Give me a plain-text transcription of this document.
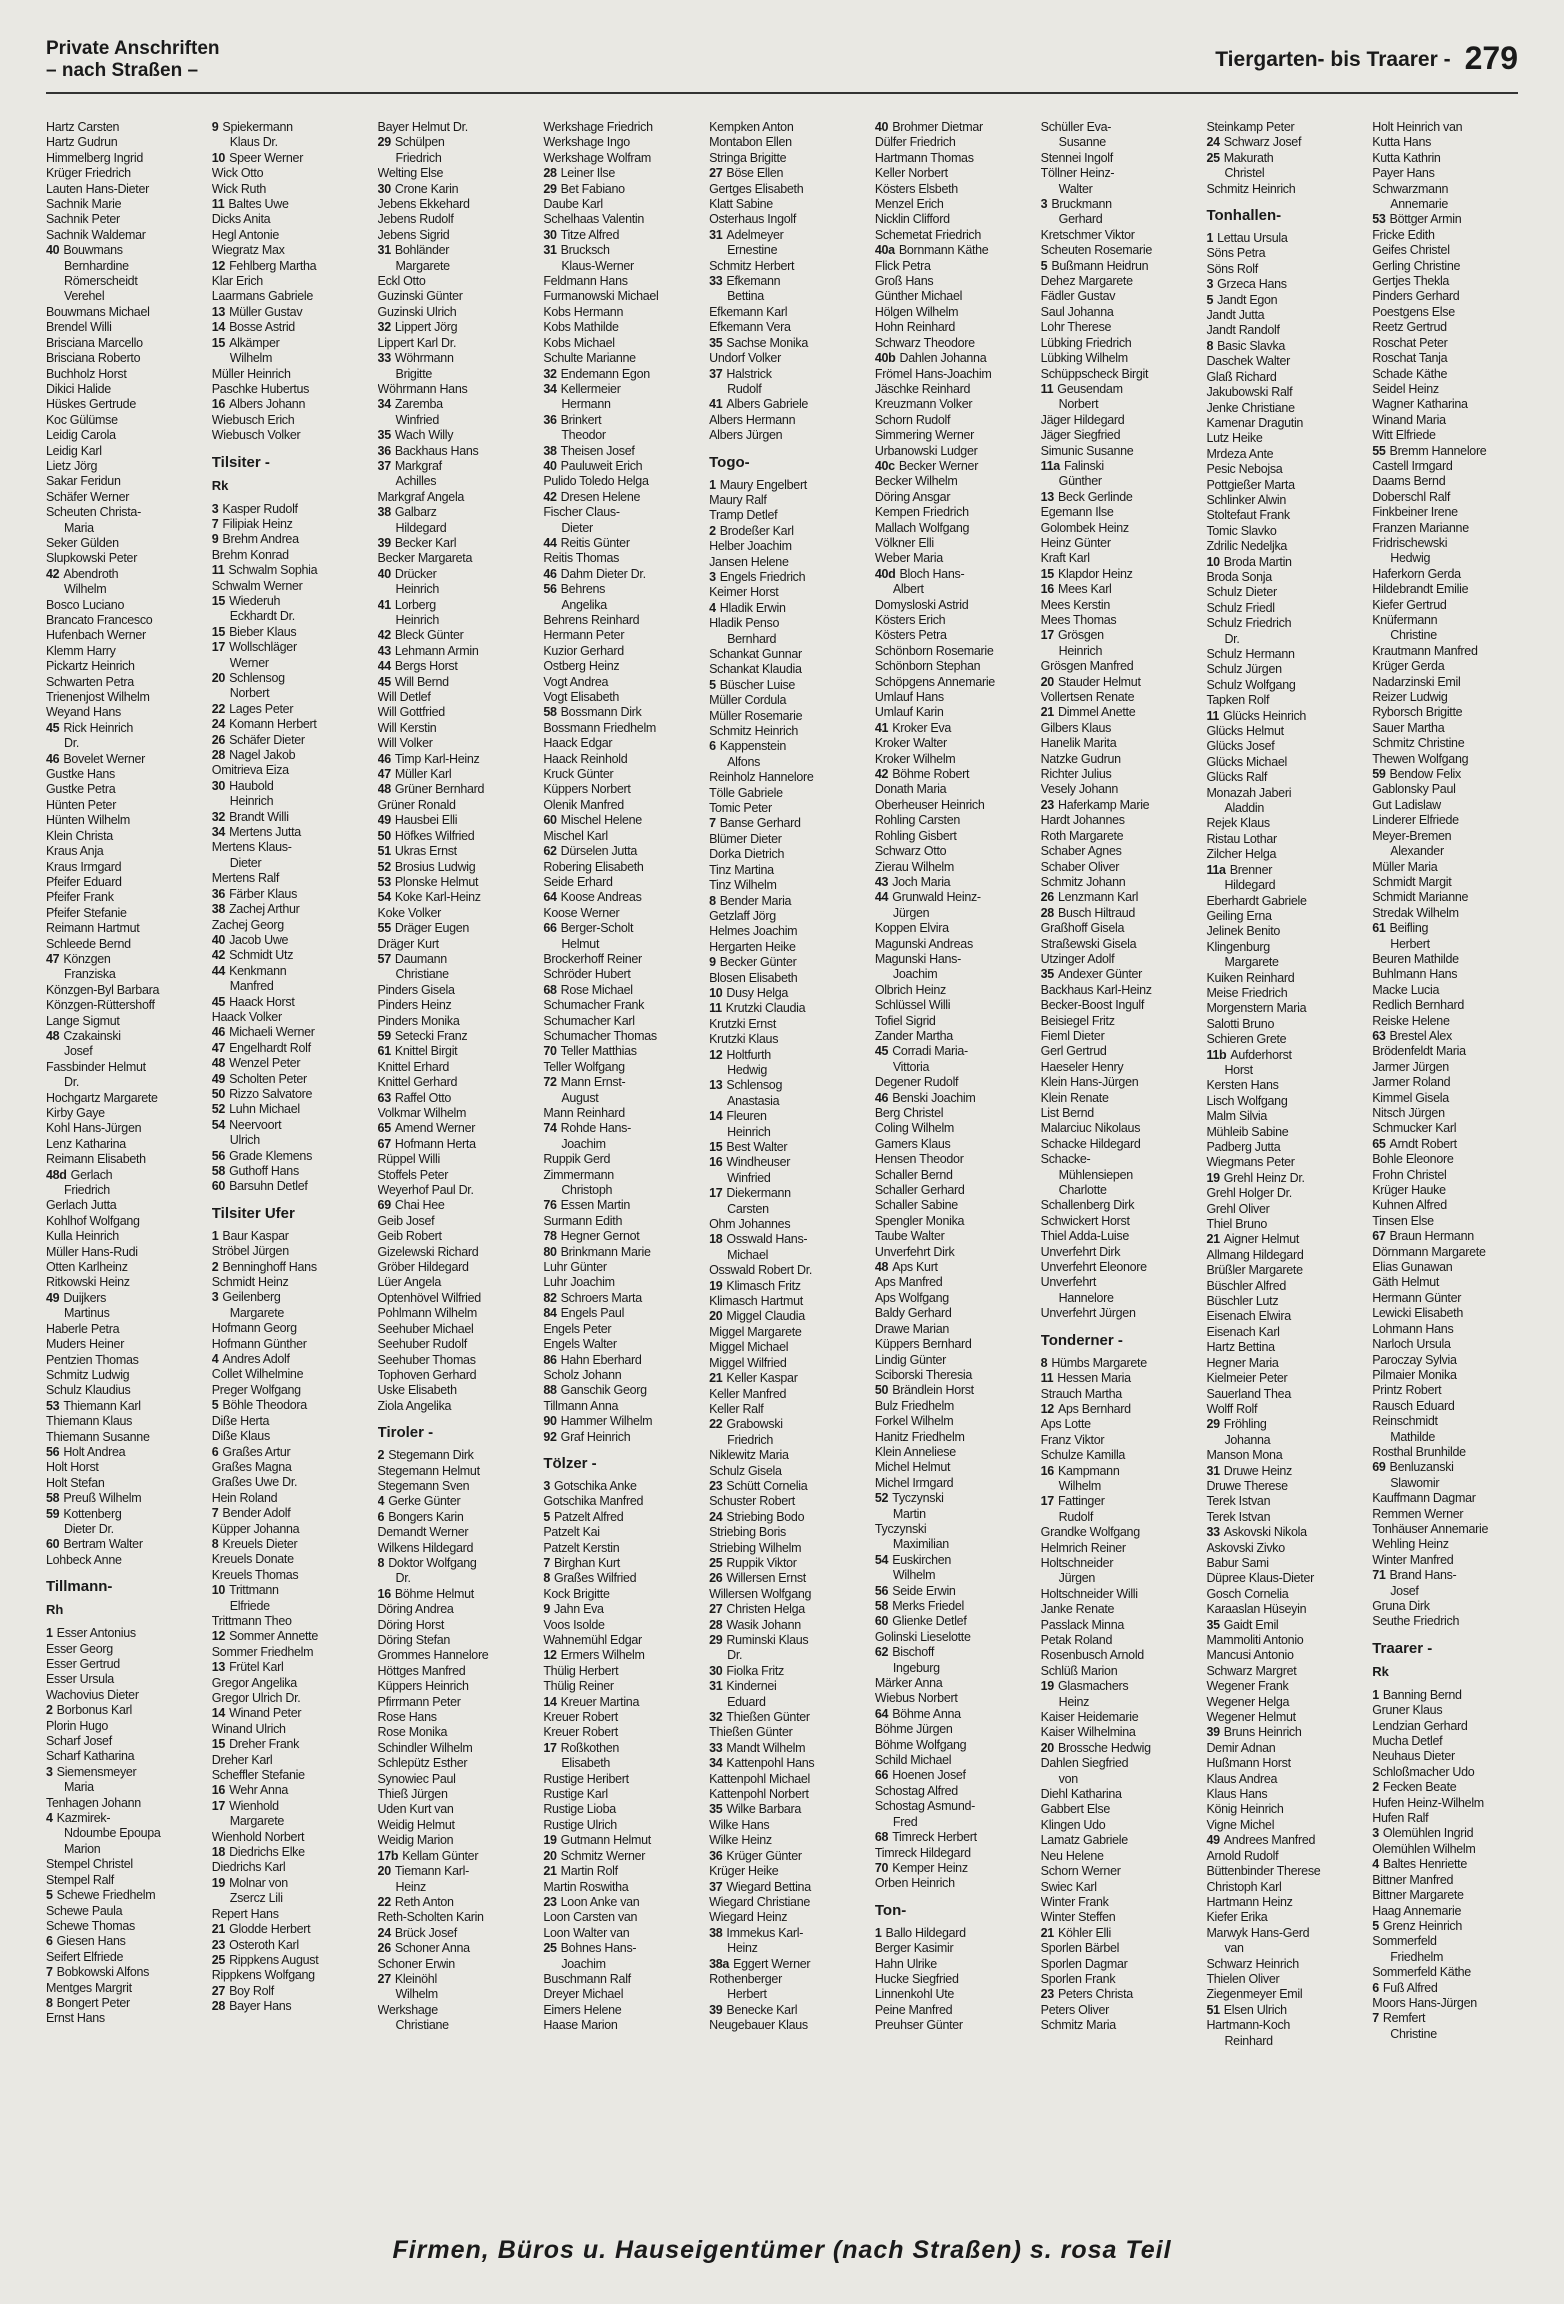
Private Anschriften
– nach Straßen –	Tiergarten- bis Traarer - 279
Hartz Carsten
Hartz Gudrun
Himmelberg Ingrid
Krüger Friedrich
Lauten Hans-Dieter
Sachnik Marie
Sachnik Peter
Sachnik Waldemar
40 Bouwmans
Bernhardine
Römerscheidt
Verehel
Bouwmans Michael
Brendel Willi
Brisciana Marcello
Brisciana Roberto
Buchholz Horst
Dikici Halide
Hüskes Gertrude
Koc Gülümse
Leidig Carola
Leidig Karl
Lietz Jörg
Sakar Feridun
Schäfer Werner
Scheuten Christa-
Maria
Seker Gülden
Slupkowski Peter
42 Abendroth
Wilhelm
Bosco Luciano
Brancato Francesco
Hufenbach Werner
Klemm Harry
Pickartz Heinrich
Schwarten Petra
Trienenjost Wilhelm
Weyand Hans
45 Rick Heinrich
Dr.
46 Bovelet Werner
Gustke Hans
Gustke Petra
Hünten Peter
Hünten Wilhelm
Klein Christa
Kraus Anja
Kraus Irmgard
Pfeifer Eduard
Pfeifer Frank
Pfeifer Stefanie
Reimann Hartmut
Schleede Bernd
47 Könzgen
Franziska
Könzgen-Byl Barbara
Könzgen-Rüttershoff
Lange Sigmut
48 Czakainski
Josef
Fassbinder Helmut
Dr.
Hochgartz Margarete
Kirby Gaye
Kohl Hans-Jürgen
Lenz Katharina
Reimann Elisabeth
48d Gerlach
Friedrich
Gerlach Jutta
Kohlhof Wolfgang
Kulla Heinrich
Müller Hans-Rudi
Otten Karlheinz
Ritkowski Heinz
49 Duijkers
Martinus
Haberle Petra
Muders Heiner
Pentzien Thomas
Schmitz Ludwig
Schulz Klaudius
53 Thiemann Karl
Thiemann Klaus
Thiemann Susanne
56 Holt Andrea
Holt Horst
Holt Stefan
58 Preuß Wilhelm
59 Kottenberg
Dieter Dr.
60 Bertram Walter
Lohbeck Anne
Tillmann-
Rh
1 Esser Antonius
Esser Georg
Esser Gertrud
Esser Ursula
Wachovius Dieter
2 Borbonus Karl
Plorin Hugo
Scharf Josef
Scharf Katharina
3 Siemensmeyer
Maria
Tenhagen Johann
4 Kazmirek-
Ndoumbe Epoupa
Marion
Stempel Christel
Stempel Ralf
5 Schewe Friedhelm
Schewe Paula
Schewe Thomas
6 Giesen Hans
Seifert Elfriede
7 Bobkowski Alfons
Mentges Margrit
8 Bongert Peter
Ernst Hans
9 Spiekermann
Klaus Dr.
10 Speer Werner
Wick Otto
Wick Ruth
11 Baltes Uwe
Dicks Anita
Hegl Antonie
Wiegratz Max
12 Fehlberg Martha
Klar Erich
Laarmans Gabriele
13 Müller Gustav
14 Bosse Astrid
15 Alkämper
Wilhelm
Müller Heinrich
Paschke Hubertus
16 Albers Johann
Wiebusch Erich
Wiebusch Volker
Tilsiter -
Rk
3 Kasper Rudolf
7 Filipiak Heinz
9 Brehm Andrea
Brehm Konrad
11 Schwalm Sophia
Schwalm Werner
15 Wiederuh
Eckhardt Dr.
15 Bieber Klaus
17 Wollschläger
Werner
20 Schlensog
Norbert
22 Lages Peter
24 Komann Herbert
26 Schäfer Dieter
28 Nagel Jakob
Omitrieva Eiza
30 Haubold
Heinrich
32 Brandt Willi
34 Mertens Jutta
Mertens Klaus-
Dieter
Mertens Ralf
36 Färber Klaus
38 Zachej Arthur
Zachej Georg
40 Jacob Uwe
42 Schmidt Utz
44 Kenkmann
Manfred
45 Haack Horst
Haack Volker
46 Michaeli Werner
47 Engelhardt Rolf
48 Wenzel Peter
49 Scholten Peter
50 Rizzo Salvatore
52 Luhn Michael
54 Neervoort
Ulrich
56 Grade Klemens
58 Guthoff Hans
60 Barsuhn Detlef
Tilsiter Ufer
1 Baur Kaspar
Ströbel Jürgen
2 Benninghoff Hans
Schmidt Heinz
3 Geilenberg
Margarete
Hofmann Georg
Hofmann Günther
4 Andres Adolf
Collet Wilhelmine
Preger Wolfgang
5 Böhle Theodora
Diße Herta
Diße Klaus
6 Graßes Artur
Graßes Magna
Graßes Uwe Dr.
Hein Roland
7 Bender Adolf
Küpper Johanna
8 Kreuels Dieter
Kreuels Donate
Kreuels Thomas
10 Trittmann
Elfriede
Trittmann Theo
12 Sommer Annette
Sommer Friedhelm
13 Frütel Karl
Gregor Angelika
Gregor Ulrich Dr.
14 Winand Peter
Winand Ulrich
15 Dreher Frank
Dreher Karl
Scheffler Stefanie
16 Wehr Anna
17 Wienhold
Margarete
Wienhold Norbert
18 Diedrichs Elke
Diedrichs Karl
19 Molnar von
Zsercz Lili
Repert Hans
21 Glodde Herbert
23 Osteroth Karl
25 Rippkens August
Rippkens Wolfgang
27 Boy Rolf
28 Bayer Hans
Bayer Helmut Dr.
29 Schülpen
Friedrich
Welting Else
30 Crone Karin
Jebens Ekkehard
Jebens Rudolf
Jebens Sigrid
31 Bohländer
Margarete
Eckl Otto
Guzinski Günter
Guzinski Ulrich
32 Lippert Jörg
Lippert Karl Dr.
33 Wöhrmann
Brigitte
Wöhrmann Hans
34 Zaremba
Winfried
35 Wach Willy
36 Backhaus Hans
37 Markgraf
Achilles
Markgraf Angela
38 Galbarz
Hildegard
39 Becker Karl
Becker Margareta
40 Drücker
Heinrich
41 Lorberg
Heinrich
42 Bleck Günter
43 Lehmann Armin
44 Bergs Horst
45 Will Bernd
Will Detlef
Will Gottfried
Will Kerstin
Will Volker
46 Timp Karl-Heinz
47 Müller Karl
48 Grüner Bernhard
Grüner Ronald
49 Hausbei Elli
50 Höfkes Wilfried
51 Ukras Ernst
52 Brosius Ludwig
53 Plonske Helmut
54 Koke Karl-Heinz
Koke Volker
55 Dräger Eugen
Dräger Kurt
57 Daumann
Christiane
Pinders Gisela
Pinders Heinz
Pinders Monika
59 Setecki Franz
61 Knittel Birgit
Knittel Erhard
Knittel Gerhard
63 Raffel Otto
Volkmar Wilhelm
65 Amend Werner
67 Hofmann Herta
Rüppel Willi
Stoffels Peter
Weyerhof Paul Dr.
69 Chai Hee
Geib Josef
Geib Robert
Gizelewski Richard
Gröber Hildegard
Lüer Angela
Optenhövel Wilfried
Pohlmann Wilhelm
Seehuber Michael
Seehuber Rudolf
Seehuber Thomas
Tophoven Gerhard
Uske Elisabeth
Ziola Angelika
Tiroler -
2 Stegemann Dirk
Stegemann Helmut
Stegemann Sven
4 Gerke Günter
6 Bongers Karin
Demandt Werner
Wilkens Hildegard
8 Doktor Wolfgang
Dr.
16 Böhme Helmut
Döring Andrea
Döring Horst
Döring Stefan
Grommes Hannelore
Höttges Manfred
Küppers Heinrich
Pfirrmann Peter
Rose Hans
Rose Monika
Schindler Wilhelm
Schlepütz Esther
Synowiec Paul
Thieß Jürgen
Uden Kurt van
Weidig Helmut
Weidig Marion
17b Kellam Günter
20 Tiemann Karl-
Heinz
22 Reth Anton
Reth-Scholten Karin
24 Brück Josef
26 Schoner Anna
Schoner Erwin
27 Kleinöhl
Wilhelm
Werkshage
Christiane
Werkshage Friedrich
Werkshage Ingo
Werkshage Wolfram
28 Leiner Ilse
29 Bet Fabiano
Daube Karl
Schelhaas Valentin
30 Titze Alfred
31 Brucksch
Klaus-Werner
Feldmann Hans
Furmanowski Michael
Kobs Hermann
Kobs Mathilde
Kobs Michael
Schulte Marianne
32 Endemann Egon
34 Kellermeier
Hermann
36 Brinkert
Theodor
38 Theisen Josef
40 Pauluweit Erich
Pulido Toledo Helga
42 Dresen Helene
Fischer Claus-
Dieter
44 Reitis Günter
Reitis Thomas
46 Dahm Dieter Dr.
56 Behrens
Angelika
Behrens Reinhard
Hermann Peter
Kuzior Gerhard
Ostberg Heinz
Vogt Andrea
Vogt Elisabeth
58 Bossmann Dirk
Bossmann Friedhelm
Haack Edgar
Haack Reinhold
Kruck Günter
Küppers Norbert
Olenik Manfred
60 Mischel Helene
Mischel Karl
62 Dürselen Jutta
Robering Elisabeth
Seide Erhard
64 Koose Andreas
Koose Werner
66 Berger-Scholt
Helmut
Brockerhoff Reiner
Schröder Hubert
68 Rose Michael
Schumacher Frank
Schumacher Karl
Schumacher Thomas
70 Teller Matthias
Teller Wolfgang
72 Mann Ernst-
August
Mann Reinhard
74 Rohde Hans-
Joachim
Ruppik Gerd
Zimmermann
Christoph
76 Essen Martin
Surmann Edith
78 Hegner Gernot
80 Brinkmann Marie
Luhr Günter
Luhr Joachim
82 Schroers Marta
84 Engels Paul
Engels Peter
Engels Walter
86 Hahn Eberhard
Scholz Johann
88 Ganschik Georg
Tillmann Anna
90 Hammer Wilhelm
92 Graf Heinrich
Tölzer -
3 Gotschika Anke
Gotschika Manfred
5 Patzelt Alfred
Patzelt Kai
Patzelt Kerstin
7 Birghan Kurt
8 Graßes Wilfried
Kock Brigitte
9 Jahn Eva
Voos Isolde
Wahnemühl Edgar
12 Ermers Wilhelm
Thülig Herbert
Thülig Reiner
14 Kreuer Martina
Kreuer Robert
Kreuer Robert
17 Roßkothen
Elisabeth
Rustige Heribert
Rustige Karl
Rustige Lioba
Rustige Ulrich
19 Gutmann Helmut
20 Schmitz Werner
21 Martin Rolf
Martin Roswitha
23 Loon Anke van
Loon Carsten van
Loon Walter van
25 Bohnes Hans-
Joachim
Buschmann Ralf
Dreyer Michael
Eimers Helene
Haase Marion
Kempken Anton
Montabon Ellen
Stringa Brigitte
27 Böse Ellen
Gertges Elisabeth
Klatt Sabine
Osterhaus Ingolf
31 Adelmeyer
Ernestine
Schmitz Herbert
33 Efkemann
Bettina
Efkemann Karl
Efkemann Vera
35 Sachse Monika
Undorf Volker
37 Halstrick
Rudolf
41 Albers Gabriele
Albers Hermann
Albers Jürgen
Togo-
1 Maury Engelbert
Maury Ralf
Tramp Detlef
2 Brodeßer Karl
Helber Joachim
Jansen Helene
3 Engels Friedrich
Keimer Horst
4 Hladik Erwin
Hladik Penso
Bernhard
Schankat Gunnar
Schankat Klaudia
5 Büscher Luise
Müller Cordula
Müller Rosemarie
Schmitz Heinrich
6 Kappenstein
Alfons
Reinholz Hannelore
Tölle Gabriele
Tomic Peter
7 Banse Gerhard
Blümer Dieter
Dorka Dietrich
Tinz Martina
Tinz Wilhelm
8 Bender Maria
Getzlaff Jörg
Helmes Joachim
Hergarten Heike
9 Becker Günter
Blosen Elisabeth
10 Dusy Helga
11 Krutzki Claudia
Krutzki Ernst
Krutzki Klaus
12 Holtfurth
Hedwig
13 Schlensog
Anastasia
14 Fleuren
Heinrich
15 Best Walter
16 Windheuser
Winfried
17 Diekermann
Carsten
Ohm Johannes
18 Osswald Hans-
Michael
Osswald Robert Dr.
19 Klimasch Fritz
Klimasch Hartmut
20 Miggel Claudia
Miggel Margarete
Miggel Michael
Miggel Wilfried
21 Keller Kaspar
Keller Manfred
Keller Ralf
22 Grabowski
Friedrich
Niklewitz Maria
Schulz Gisela
23 Schütt Cornelia
Schuster Robert
24 Striebing Bodo
Striebing Boris
Striebing Wilhelm
25 Ruppik Viktor
26 Willersen Ernst
Willersen Wolfgang
27 Christen Helga
28 Wasik Johann
29 Ruminski Klaus
Dr.
30 Fiolka Fritz
31 Kindernei
Eduard
32 Thießen Günter
Thießen Günter
33 Mandt Wilhelm
34 Kattenpohl Hans
Kattenpohl Michael
Kattenpohl Norbert
35 Wilke Barbara
Wilke Hans
Wilke Heinz
36 Krüger Günter
Krüger Heike
37 Wiegard Bettina
Wiegard Christiane
Wiegard Heinz
38 Immekus Karl-
Heinz
38a Eggert Werner
Rothenberger
Herbert
39 Benecke Karl
Neugebauer Klaus
40 Brohmer Dietmar
Dülfer Friedrich
Hartmann Thomas
Keller Norbert
Kösters Elsbeth
Menzel Erich
Nicklin Clifford
Schemetat Friedrich
40a Bornmann Käthe
Flick Petra
Groß Hans
Günther Michael
Hölgen Wilhelm
Hohn Reinhard
Schwarz Theodore
40b Dahlen Johanna
Frömel Hans-Joachim
Jäschke Reinhard
Kreuzmann Volker
Schorn Rudolf
Simmering Werner
Urbanowski Ludger
40c Becker Werner
Becker Wilhelm
Döring Ansgar
Kempen Friedrich
Mallach Wolfgang
Völkner Elli
Weber Maria
40d Bloch Hans-
Albert
Domysloski Astrid
Kösters Erich
Kösters Petra
Schönborn Rosemarie
Schönborn Stephan
Schöpgens Annemarie
Umlauf Hans
Umlauf Karin
41 Kroker Eva
Kroker Walter
Kroker Wilhelm
42 Böhme Robert
Donath Maria
Oberheuser Heinrich
Rohling Carsten
Rohling Gisbert
Schwarz Otto
Zierau Wilhelm
43 Joch Maria
44 Grunwald Heinz-
Jürgen
Koppen Elvira
Magunski Andreas
Magunski Hans-
Joachim
Olbrich Heinz
Schlüssel Willi
Tofiel Sigrid
Zander Martha
45 Corradi Maria-
Vittoria
Degener Rudolf
46 Benski Joachim
Berg Christel
Coling Wilhelm
Gamers Klaus
Hensen Theodor
Schaller Bernd
Schaller Gerhard
Schaller Sabine
Spengler Monika
Taube Walter
Unverfehrt Dirk
48 Aps Kurt
Aps Manfred
Aps Wolfgang
Baldy Gerhard
Drawe Marian
Küppers Bernhard
Lindig Günter
Sciborski Theresia
50 Brändlein Horst
Bulz Friedhelm
Forkel Wilhelm
Hanitz Friedhelm
Klein Anneliese
Michel Helmut
Michel Irmgard
52 Tyczynski
Martin
Tyczynski
Maximilian
54 Euskirchen
Wilhelm
56 Seide Erwin
58 Merks Friedel
60 Glienke Detlef
Golinski Lieselotte
62 Bischoff
Ingeburg
Märker Anna
Wiebus Norbert
64 Böhme Anna
Böhme Jürgen
Böhme Wolfgang
Schild Michael
66 Hoenen Josef
Schostag Alfred
Schostag Asmund-
Fred
68 Timreck Herbert
Timreck Hildegard
70 Kemper Heinz
Orben Heinrich
Ton-
1 Ballo Hildegard
Berger Kasimir
Hahn Ulrike
Hucke Siegfried
Linnenkohl Ute
Peine Manfred
Preuhser Günter
Schüller Eva-
Susanne
Stennei Ingolf
Töllner Heinz-
Walter
3 Bruckmann
Gerhard
Kretschmer Viktor
Scheuten Rosemarie
5 Bußmann Heidrun
Dehez Margarete
Fädler Gustav
Saul Johanna
Lohr Therese
Lübking Friedrich
Lübking Wilhelm
Schüppscheck Birgit
11 Geusendam
Norbert
Jäger Hildegard
Jäger Siegfried
Simunic Susanne
11a Falinski
Günther
13 Beck Gerlinde
Egemann Ilse
Golombek Heinz
Heinz Günter
Kraft Karl
15 Klapdor Heinz
16 Mees Karl
Mees Kerstin
Mees Thomas
17 Grösgen
Heinrich
Grösgen Manfred
20 Stauder Helmut
Vollertsen Renate
21 Dimmel Anette
Gilbers Klaus
Hanelik Marita
Natzke Gudrun
Richter Julius
Vesely Johann
23 Haferkamp Marie
Hardt Johannes
Roth Margarete
Schaber Agnes
Schaber Oliver
Schmitz Johann
26 Lenzmann Karl
28 Busch Hiltraud
Graßhoff Gisela
Straßewski Gisela
Utzinger Adolf
35 Andexer Günter
Backhaus Karl-Heinz
Becker-Boost Ingulf
Beisiegel Fritz
Fieml Dieter
Gerl Gertrud
Haeseler Henry
Klein Hans-Jürgen
Klein Renate
List Bernd
Malarciuc Nikolaus
Schacke Hildegard
Schacke-
Mühlensiepen
Charlotte
Schallenberg Dirk
Schwickert Horst
Thiel Adda-Luise
Unverfehrt Dirk
Unverfehrt Eleonore
Unverfehrt
Hannelore
Unverfehrt Jürgen
Tondernеr -
8 Hümbs Margarete
11 Hessen Maria
Strauch Martha
12 Aps Bernhard
Aps Lotte
Franz Viktor
Schulze Kamilla
16 Kampmann
Wilhelm
17 Fattinger
Rudolf
Grandke Wolfgang
Helmrich Reiner
Holtschneider
Jürgen
Holtschneider Willi
Janke Renate
Passlack Minna
Petak Roland
Rosenbusch Arnold
Schlüß Marion
19 Glasmachers
Heinz
Kaiser Heidemarie
Kaiser Wilhelmina
20 Brossche Hedwig
Dahlen Siegfried
von
Diehl Katharina
Gabbert Else
Klingen Udo
Lamatz Gabriele
Neu Helene
Schorn Werner
Swiec Karl
Winter Frank
Winter Steffen
21 Köhler Elli
Sporlen Bärbel
Sporlen Dagmar
Sporlen Frank
23 Peters Christa
Peters Oliver
Schmitz Maria
Steinkamp Peter
24 Schwarz Josef
25 Makurath
Christel
Schmitz Heinrich
Tonhallen-
1 Lettau Ursula
Söns Petra
Söns Rolf
3 Grzeca Hans
5 Jandt Egon
Jandt Jutta
Jandt Randolf
8 Basic Slavka
Daschek Walter
Glaß Richard
Jakubowski Ralf
Jenke Christiane
Kamenar Dragutin
Lutz Heike
Mrdeza Ante
Pesic Nebojsa
Pottgießer Marta
Schlinker Alwin
Stoltefaut Frank
Tomic Slavko
Zdrilic Nedeljka
10 Broda Martin
Broda Sonja
Schulz Dieter
Schulz Friedl
Schulz Friedrich
Dr.
Schulz Hermann
Schulz Jürgen
Schulz Wolfgang
Tapken Rolf
11 Glücks Heinrich
Glücks Helmut
Glücks Josef
Glücks Michael
Glücks Ralf
Monazah Jaberi
Aladdin
Rejek Klaus
Ristau Lothar
Zilcher Helga
11a Brenner
Hildegard
Eberhardt Gabriele
Geiling Erna
Jelinek Benito
Klingenburg
Margarete
Kuiken Reinhard
Meise Friedrich
Morgenstern Maria
Salotti Bruno
Schieren Grete
11b Aufderhorst
Horst
Kersten Hans
Lisch Wolfgang
Malm Silvia
Mühleib Sabine
Padberg Jutta
Wiegmans Peter
19 Grehl Heinz Dr.
Grehl Holger Dr.
Grehl Oliver
Thiel Bruno
21 Aigner Helmut
Allmang Hildegard
Brüßler Margarete
Büschler Alfred
Büschler Lutz
Eisenach Elwira
Eisenach Karl
Hartz Bettina
Hegner Maria
Kielmeier Peter
Sauerland Thea
Wolff Rolf
29 Fröhling
Johanna
Manson Mona
31 Druwe Heinz
Druwe Therese
Terek Istvan
Terek Istvan
33 Askovski Nikola
Askovski Zivko
Babur Sami
Düpree Klaus-Dieter
Gosch Cornelia
Karaaslan Hüseyin
35 Gaidt Emil
Mammoliti Antonio
Mancusi Antonio
Schwarz Margret
Wegener Frank
Wegener Helga
Wegener Helmut
39 Bruns Heinrich
Demir Adnan
Hußmann Horst
Klaus Andrea
Klaus Hans
König Heinrich
Vigne Michel
49 Andrees Manfred
Arnold Rudolf
Büttenbinder Therese
Christoph Karl
Hartmann Heinz
Kiefer Erika
Marwyk Hans-Gerd
van
Schwarz Heinrich
Thielen Oliver
Ziegenmeyer Emil
51 Elsen Ulrich
Hartmann-Koch
Reinhard
Holt Heinrich van
Kutta Hans
Kutta Kathrin
Payer Hans
Schwarzmann
Annemarie
53 Böttger Armin
Fricke Edith
Geifes Christel
Gerling Christine
Gertjes Thekla
Pinders Gerhard
Poestgens Else
Reetz Gertrud
Roschat Peter
Roschat Tanja
Schade Käthe
Seidel Heinz
Wagner Katharina
Winand Maria
Witt Elfriede
55 Bremm Hannelore
Castell Irmgard
Daams Bernd
Doberschl Ralf
Finkbeiner Irene
Franzen Marianne
Fridrischewski
Hedwig
Haferkorn Gerda
Hildebrandt Emilie
Kiefer Gertrud
Knüfermann
Christine
Krautmann Manfred
Krüger Gerda
Nadarzinski Emil
Reizer Ludwig
Ryborsch Brigitte
Sauer Martha
Schmitz Christine
Thewen Wolfgang
59 Bendow Felix
Gablonsky Paul
Gut Ladislaw
Linderer Elfriede
Meyer-Bremen
Alexander
Müller Maria
Schmidt Margit
Schmidt Marianne
Stredak Wilhelm
61 Beifling
Herbert
Beuren Mathilde
Buhlmann Hans
Macke Lucia
Redlich Bernhard
Reiske Helene
63 Brestel Alex
Brödenfeldt Maria
Jarmer Jürgen
Jarmer Roland
Kimmel Gisela
Nitsch Jürgen
Schmucker Karl
65 Arndt Robert
Bohle Eleonore
Frohn Christel
Krüger Hauke
Kuhnen Alfred
Tinsen Else
67 Braun Hermann
Dörnmann Margarete
Elias Gunawan
Gäth Helmut
Hermann Günter
Lewicki Elisabeth
Lohmann Hans
Narloch Ursula
Paroczay Sylvia
Pilmaier Monika
Printz Robert
Rausch Eduard
Reinschmidt
Mathilde
Rosthal Brunhilde
69 Benluzanski
Slawomir
Kauffmann Dagmar
Remmen Werner
Tonhäuser Annemarie
Wehling Heinz
Winter Manfred
71 Brand Hans-
Josef
Gruna Dirk
Seuthe Friedrich
Traarer -
Rk
1 Banning Bernd
Gruner Klaus
Lendzian Gerhard
Mucha Detlef
Neuhaus Dieter
Schloßmacher Udo
2 Fecken Beate
Hufen Heinz-Wilhelm
Hufen Ralf
3 Olemühlen Ingrid
Olemühlen Wilhelm
4 Baltes Henriette
Bittner Manfred
Bittner Margarete
Haag Annemarie
5 Grenz Heinrich
Sommerfeld
Friedhelm
Sommerfeld Käthe
6 Fuß Alfred
Moors Hans-Jürgen
7 Remfert
Christine
Firmen, Büros u. Hauseigentümer (nach Straßen) s. rosa Teil
